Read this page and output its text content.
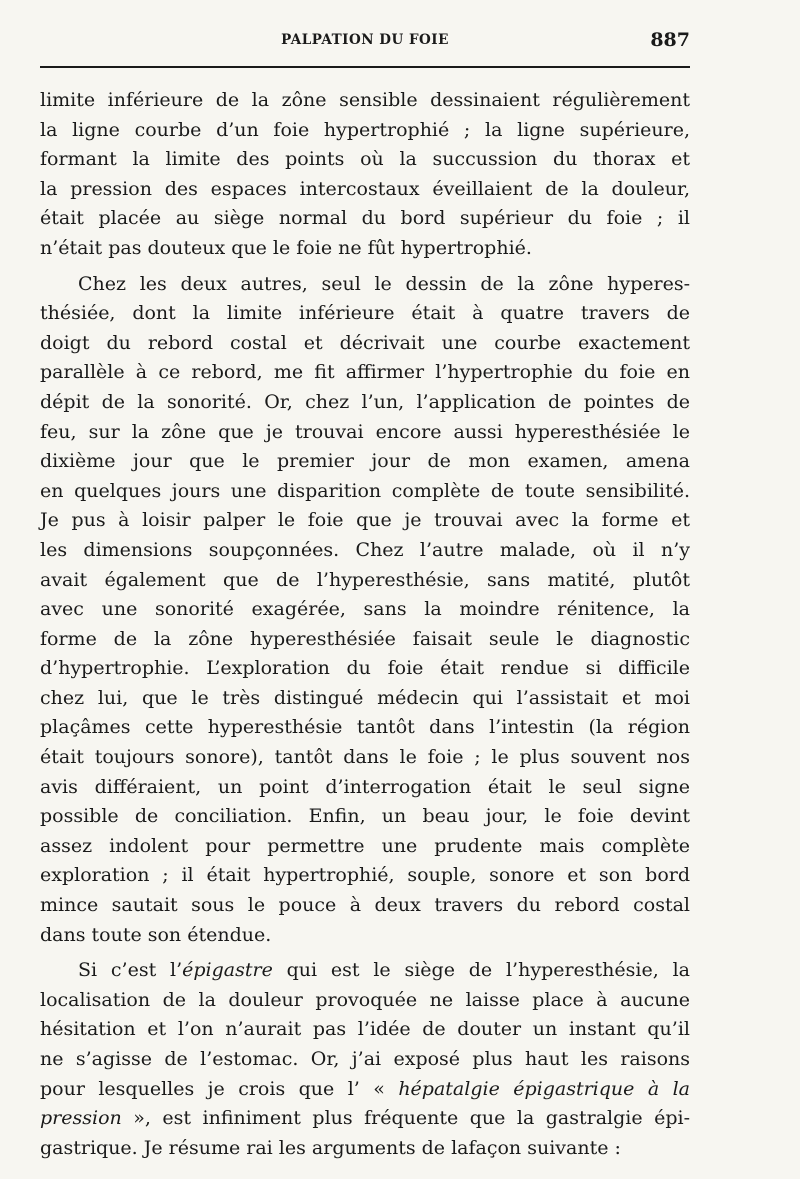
PALPATION DU FOIE	887
limite inférieure de la zône sensible dessinaient régulièrement
la ligne courbe d’un foie hypertrophié ; la ligne supérieure,
formant la limite des points où la succussion du thorax et
la pression des espaces intercostaux éveillaient de la douleur,
était placée au siège normal du bord supérieur du foie ; il
n’était pas douteux que le foie ne fût hypertrophié.
Chez les deux autres, seul le dessin de la zône hyperes-
thésiée, dont la limite inférieure était à quatre travers de
doigt du rebord costal et décrivait une courbe exactement
parallèle à ce rebord, me fit affirmer l’hypertrophie du foie en
dépit de la sonorité. Or, chez l’un, l’application de pointes de
feu, sur la zône que je trouvai encore aussi hyperesthésiée le
dixième jour que le premier jour de mon examen, amena
en quelques jours une disparition complète de toute sensibilité.
Je pus à loisir palper le foie que je trouvai avec la forme et
les dimensions soupçonnées. Chez l’autre malade, où il n’y
avait également que de l’hyperesthésie, sans matité, plutôt
avec une sonorité exagérée, sans la moindre rénitence, la
forme de la zône hyperesthésiée faisait seule le diagnostic
d’hypertrophie. L’exploration du foie était rendue si difficile
chez lui, que le très distingué médecin qui l’assistait et moi
plaçâmes cette hyperesthésie tantôt dans l’intestin (la région
était toujours sonore), tantôt dans le foie ; le plus souvent nos
avis différaient, un point d’interrogation était le seul signe
possible de conciliation. Enfin, un beau jour, le foie devint
assez indolent pour permettre une prudente mais complète
exploration ; il était hypertrophié, souple, sonore et son bord
mince sautait sous le pouce à deux travers du rebord costal
dans toute son étendue.
Si c’est l’épigastre qui est le siège de l’hyperesthésie, la
localisation de la douleur provoquée ne laisse place à aucune
hésitation et l’on n’aurait pas l’idée de douter un instant qu’il
ne s’agisse de l’estomac. Or, j’ai exposé plus haut les raisons
pour lesquelles je crois que l’ « hépatalgie épigastrique à la
pression », est infiniment plus fréquente que la gastralgie épi-
gastrique. Je résume rai les arguments de lafaçon suivante :
